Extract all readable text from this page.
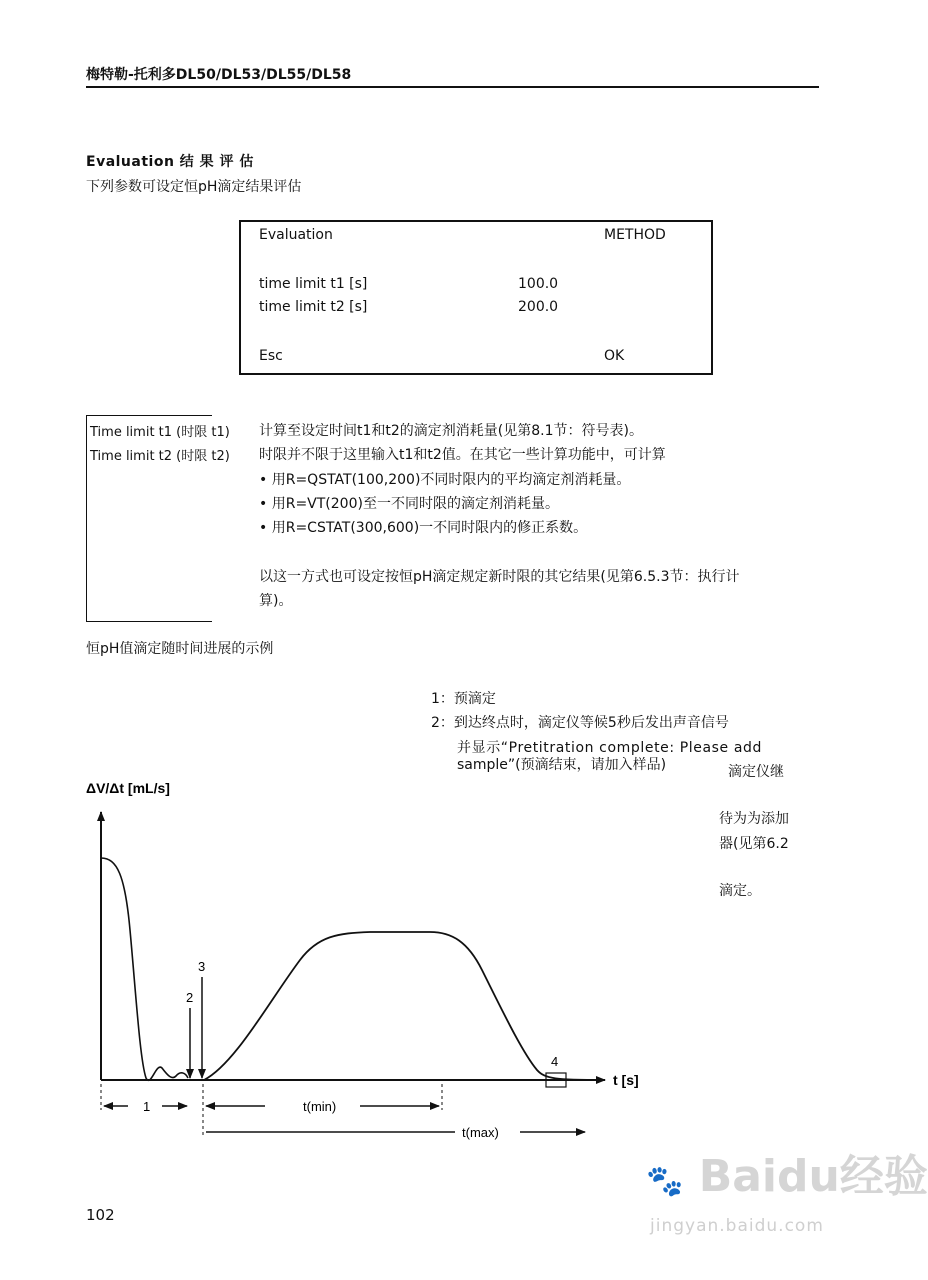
梅特勒-托利多DL50/DL53/DL55/DL58
Evaluation 结 果 评 估
下列参数可设定恒pH滴定结果评估
Evaluation	METHOD
time limit t1 [s]	100.0
time limit t2 [s]	200.0
Esc	OK
Time limit t1 (时限 t1)
Time limit t2 (时限 t2)
计算至设定时间t1和t2的滴定剂消耗量(见第8.1节：符号表)。
时限并不限于这里输入t1和t2值。在其它一些计算功能中，可计算
• 用R=QSTAT(100,200)不同时限内的平均滴定剂消耗量。
• 用R=VT(200)至一不同时限的滴定剂消耗量。
• 用R=CSTAT(300,600)一不同时限内的修正系数。
以这一方式也可设定按恒pH滴定规定新时限的其它结果(见第6.5.3节：执行计
算)。
恒pH值滴定随时间进展的示例
1：预滴定
2：到达终点时，滴定仪等候5秒后发出声音信号
并显示“Pretitration complete: Please add
sample”(预滴结束，请加入样品)	滴定仪继
待为为添加
器(见第6.2
滴定。
ΔV/Δt [mL/s]
t [s]
2
3
4
1	t(min)
t(max)
102
🐾 Baidu经验
jingyan.baidu.com
